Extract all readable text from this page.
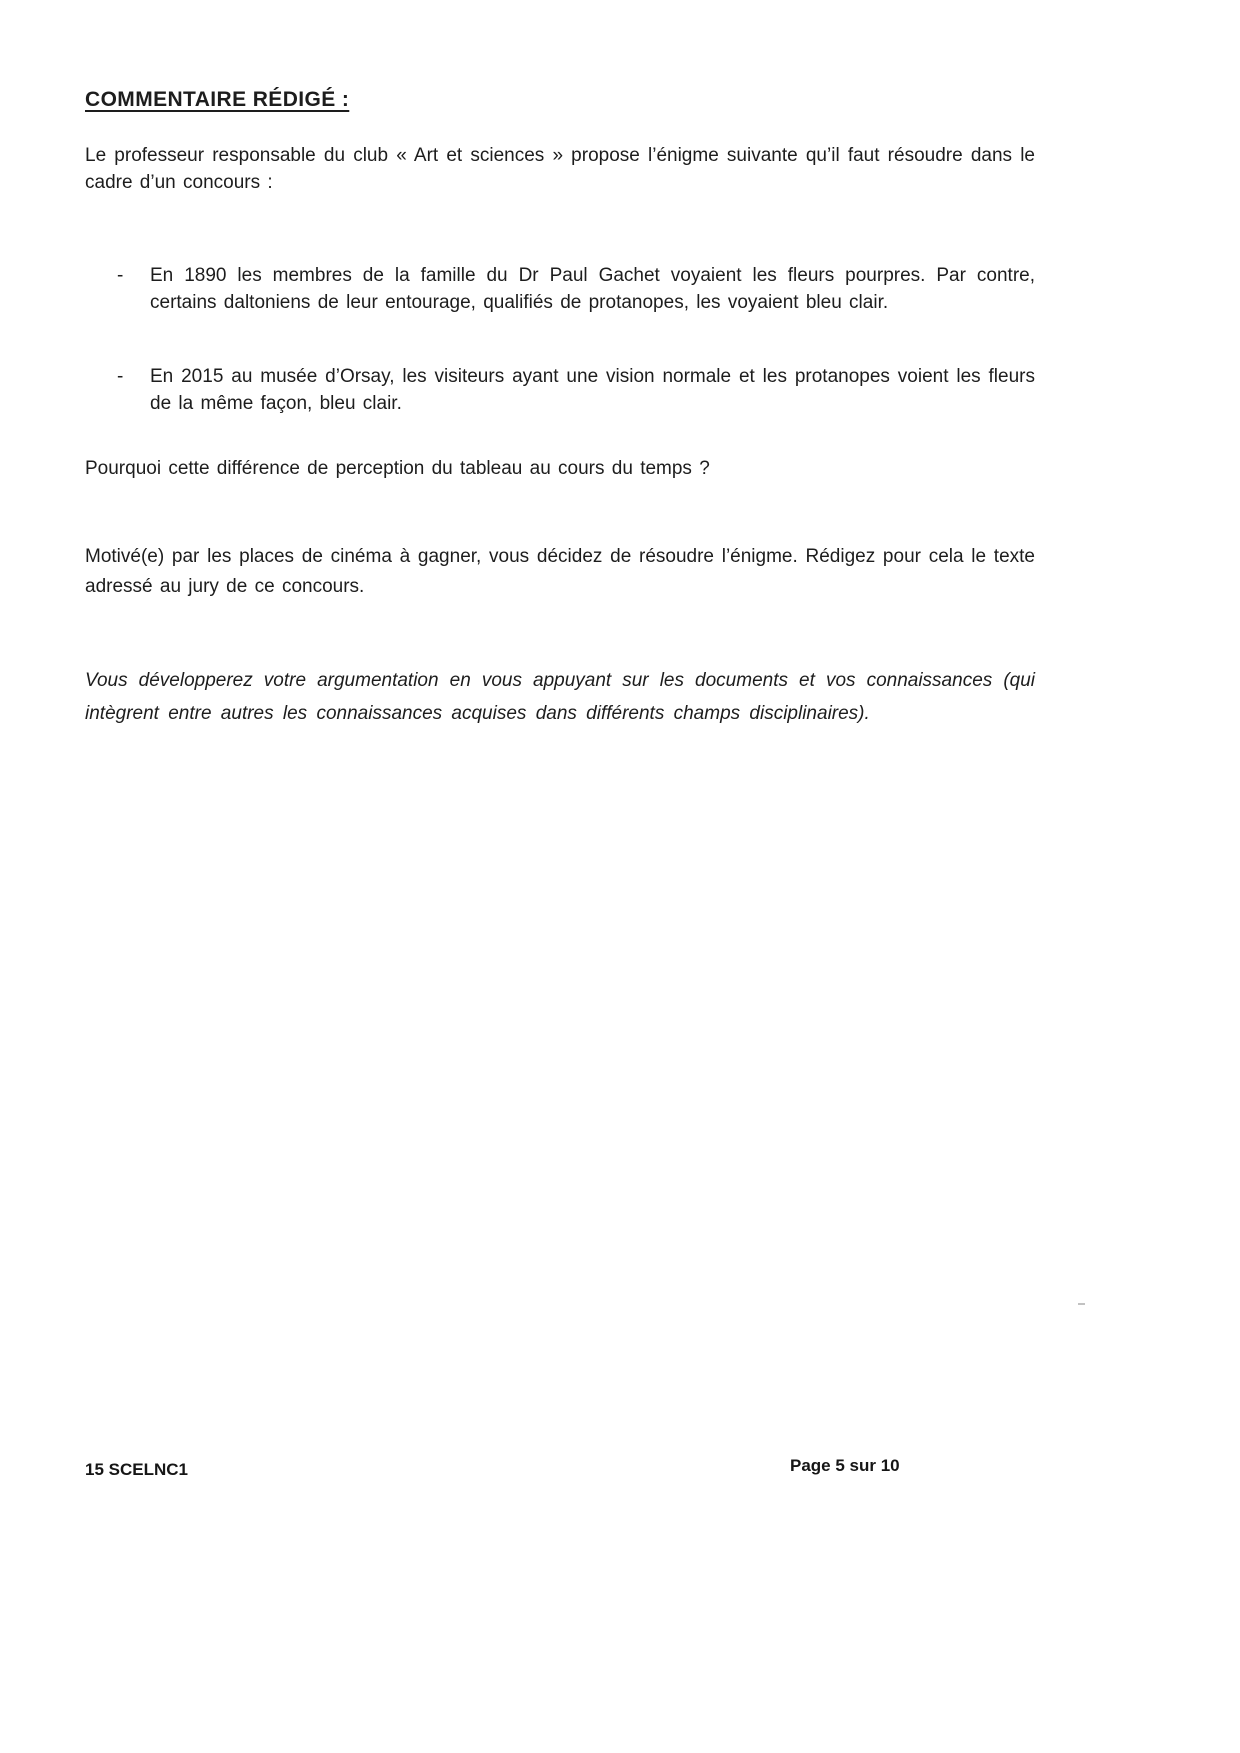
COMMENTAIRE RÉDIGÉ :

Le professeur responsable du club « Art et sciences » propose l’énigme suivante qu’il faut résoudre dans le cadre d’un concours :

-	En 1890 les membres de la famille du Dr Paul Gachet voyaient les fleurs pourpres. Par contre, certains daltoniens de leur entourage, qualifiés de protanopes, les voyaient bleu clair.
-	En 2015 au musée d’Orsay, les visiteurs ayant une vision normale et les protanopes voient les fleurs de la même façon, bleu clair.

Pourquoi cette différence de perception du tableau au cours du temps ?

Motivé(e) par les places de cinéma à gagner, vous décidez de résoudre l’énigme. Rédigez pour cela le texte adressé au jury de ce concours.

Vous développerez votre argumentation en vous appuyant sur les documents et vos connaissances (qui intègrent entre autres les connaissances acquises dans différents champs disciplinaires).

15 SCELNC1	Page 5 sur 10
